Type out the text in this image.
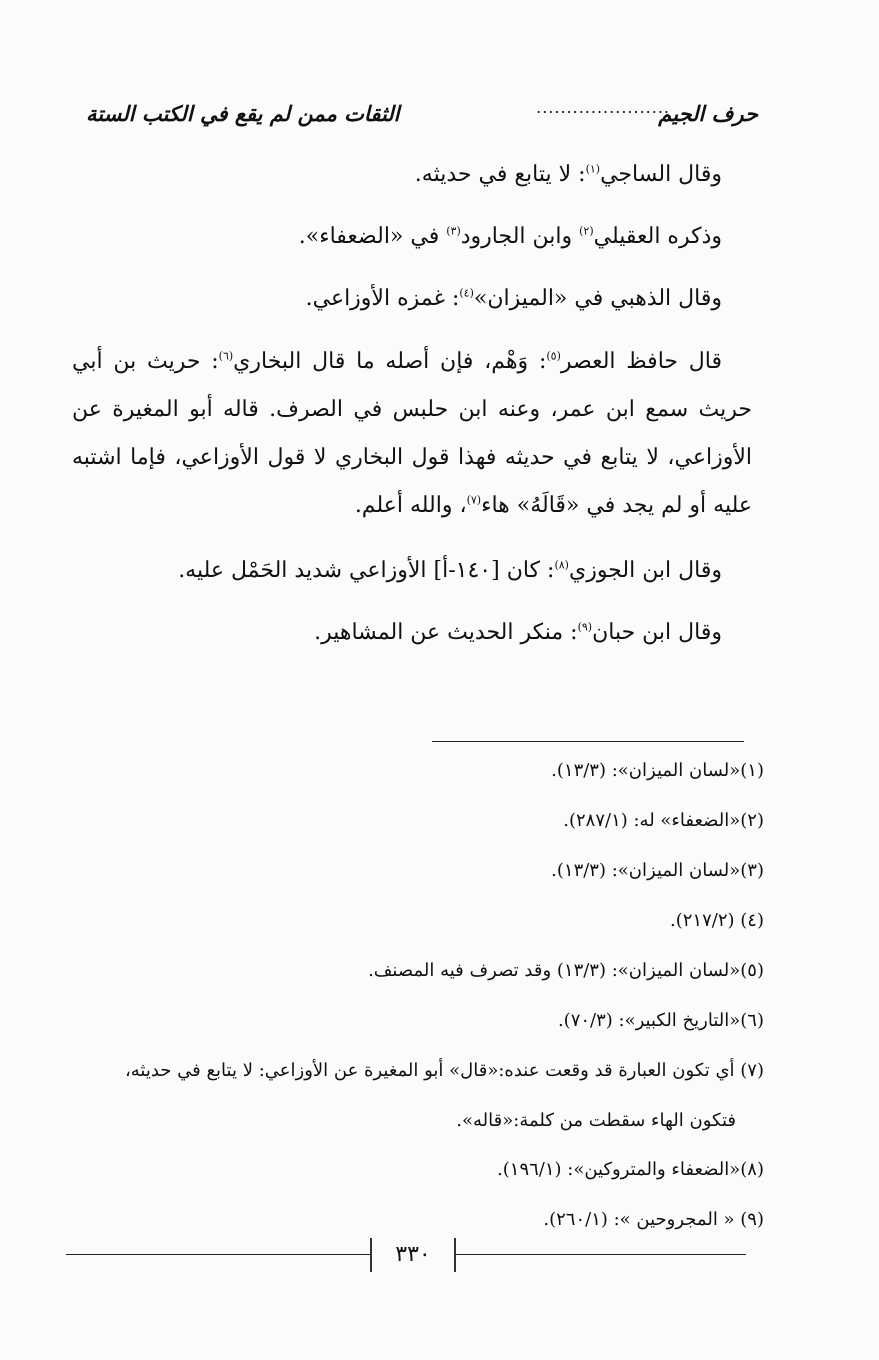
حرف الجيم
......................
الثقات ممن لم يقع في الكتب الستة

وقال الساجي$^{(١)}$: لا يتابع في حديثه.

وذكره العقيلي$^{(٢)}$ وابن الجارود$^{(٣)}$ في «الضعفاء».

وقال الذهبي في «الميزان»$^{(٤)}$: غمزه الأوزاعي.

قال حافظ العصر$^{(٥)}$: وَهْم، فإن أصله ما قال البخاري$^{(٦)}$: حريث بن أبي حريث سمع ابن عمر، وعنه ابن حلبس في الصرف. قاله أبو المغيرة عن الأوزاعي، لا يتابع في حديثه فهذا قول البخاري لا قول الأوزاعي، فإما اشتبه عليه أو لم يجد في «قَالَهُ» هاء$^{(٧)}$، والله أعلم.

وقال ابن الجوزي$^{(٨)}$: كان [١٤٠-أ] الأوزاعي شديد الحَمْل عليه.

وقال ابن حبان$^{(٩)}$: منكر الحديث عن المشاهير.

(١)«لسان الميزان»: (١٣/٣).
(٢)«الضعفاء» له: (٢٨٧/١).
(٣)«لسان الميزان»: (١٣/٣).
(٤) (٢١٧/٢).
(٥)«لسان الميزان»: (١٣/٣) وقد تصرف فيه المصنف.
(٦)«التاريخ الكبير»: (٧٠/٣).
(٧) أي تكون العبارة قد وقعت عنده:«قال» أبو المغيرة عن الأوزاعي: لا يتابع في حديثه،
فتكون الهاء سقطت من كلمة:«قاله».
(٨)«الضعفاء والمتروكين»: (١٩٦/١).
(٩) « المجروحين »: (٢٦٠/١).
٣٣٠
